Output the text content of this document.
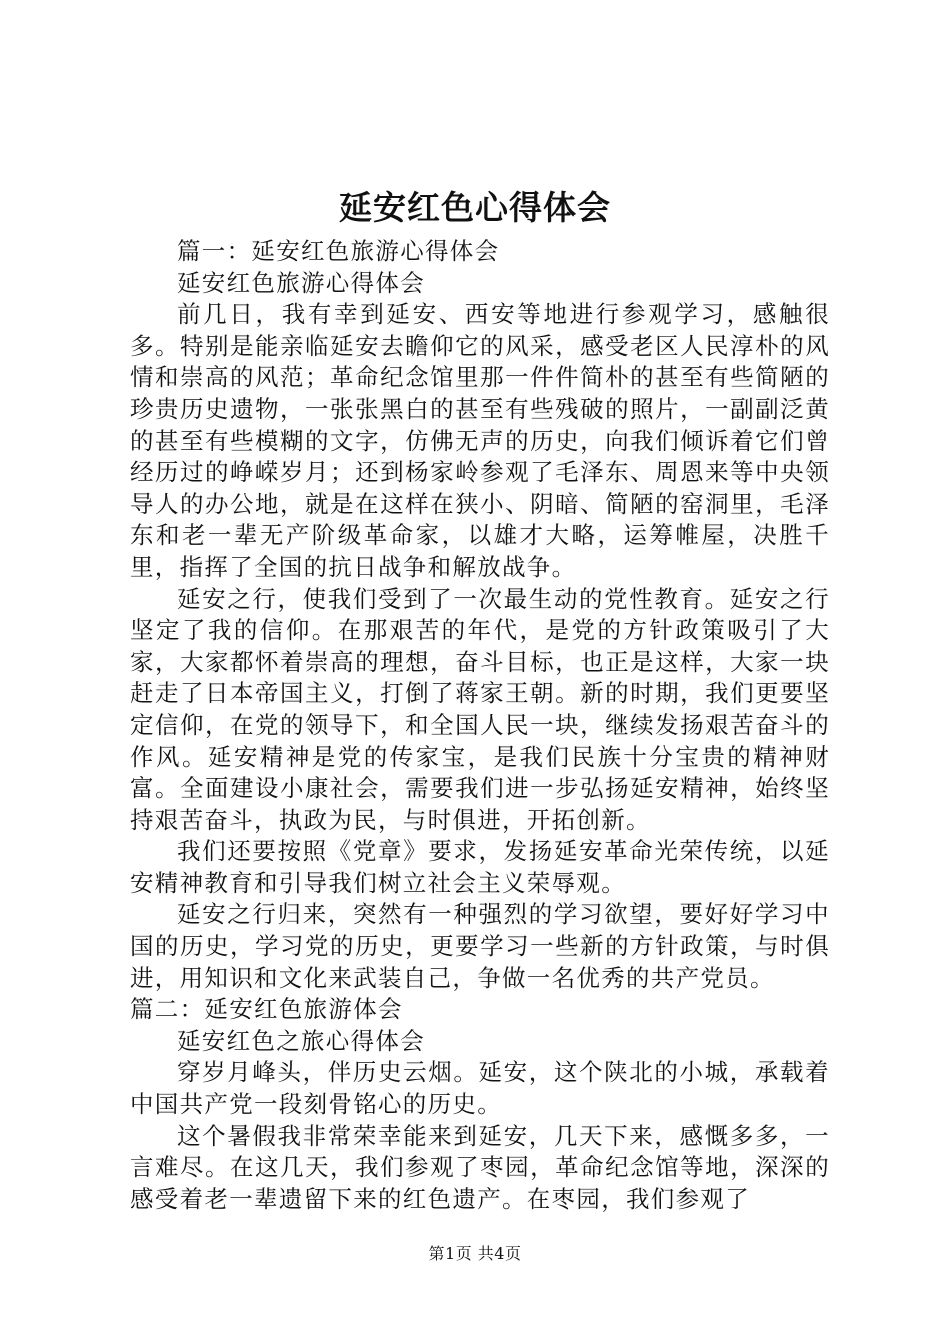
延安红色心得体会

篇一：延安红色旅游心得体会

延安红色旅游心得体会

前几日，我有幸到延安、西安等地进行参观学习，感触很多。特别是能亲临延安去瞻仰它的风采，感受老区人民淳朴的风情和崇高的风范；革命纪念馆里那一件件简朴的甚至有些简陋的珍贵历史遗物，一张张黑白的甚至有些残破的照片，一副副泛黄的甚至有些模糊的文字，仿佛无声的历史，向我们倾诉着它们曾经历过的峥嵘岁月；还到杨家岭参观了毛泽东、周恩来等中央领导人的办公地，就是在这样在狭小、阴暗、简陋的窑洞里，毛泽东和老一辈无产阶级革命家，以雄才大略，运筹帷屋，决胜千里，指挥了全国的抗日战争和解放战争。

延安之行，使我们受到了一次最生动的党性教育。延安之行坚定了我的信仰。在那艰苦的年代，是党的方针政策吸引了大家，大家都怀着崇高的理想，奋斗目标，也正是这样，大家一块赶走了日本帝国主义，打倒了蒋家王朝。新的时期，我们更要坚定信仰，在党的领导下，和全国人民一块，继续发扬艰苦奋斗的作风。延安精神是党的传家宝，是我们民族十分宝贵的精神财富。全面建设小康社会，需要我们进一步弘扬延安精神，始终坚持艰苦奋斗，执政为民，与时俱进，开拓创新。

我们还要按照《党章》要求，发扬延安革命光荣传统，以延安精神教育和引导我们树立社会主义荣辱观。

延安之行归来，突然有一种强烈的学习欲望，要好好学习中国的历史，学习党的历史，更要学习一些新的方针政策，与时俱进，用知识和文化来武装自己，争做一名优秀的共产党员。

篇二：延安红色旅游体会

延安红色之旅心得体会

穿岁月峰头，伴历史云烟。延安，这个陕北的小城，承载着中国共产党一段刻骨铭心的历史。

这个暑假我非常荣幸能来到延安，几天下来，感慨多多，一言难尽。在这几天，我们参观了枣园，革命纪念馆等地，深深的感受着老一辈遗留下来的红色遗产。在枣园，我们参观了

第1页 共4页
